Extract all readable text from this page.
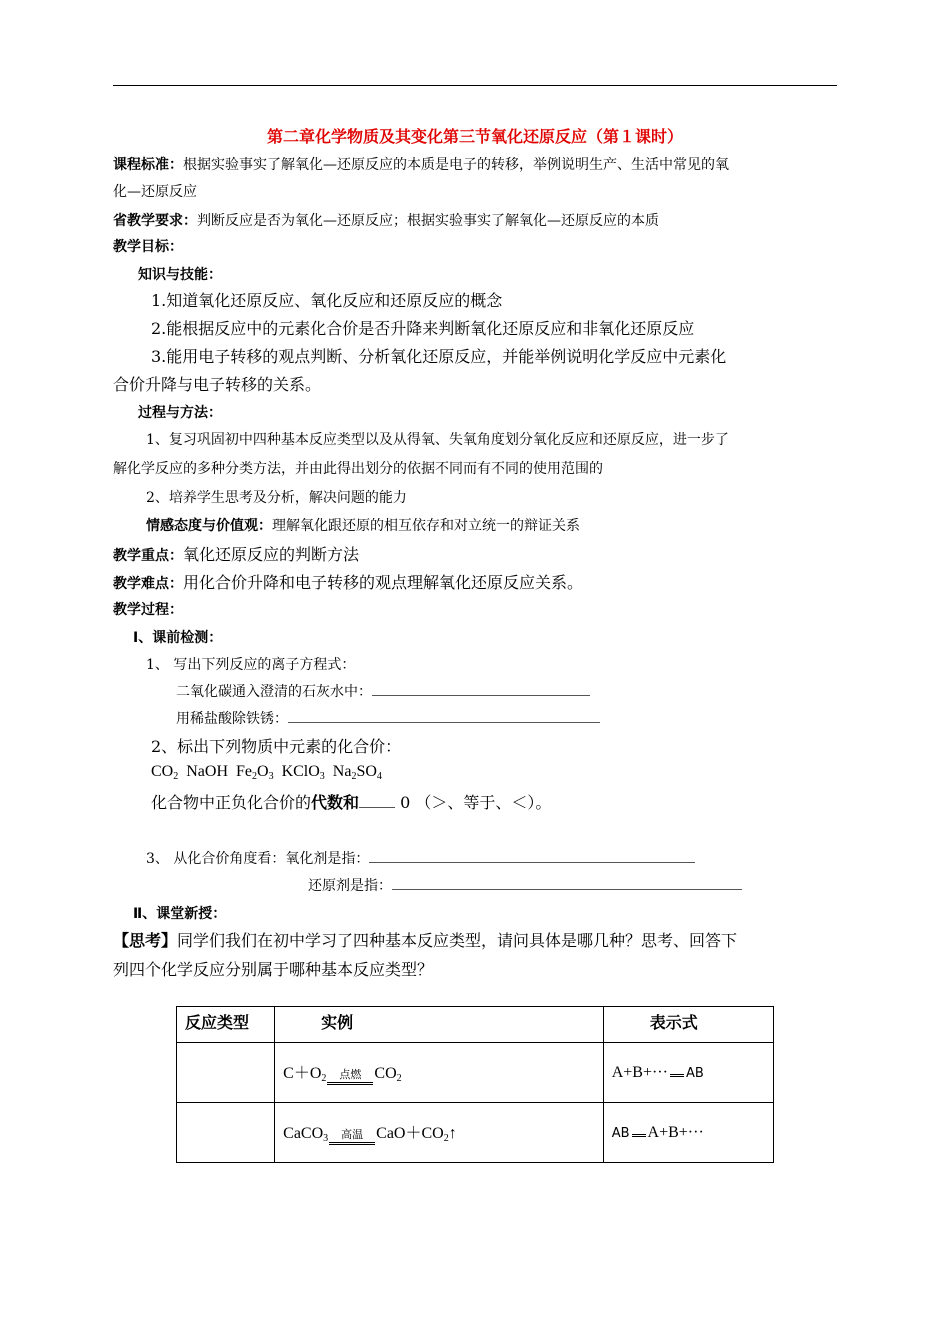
第二章化学物质及其变化第三节氧化还原反应（第１课时）
课程标准：根据实验事实了解氧化—还原反应的本质是电子的转移，举例说明生产、生活中常见的氧
化—还原反应
省教学要求：判断反应是否为氧化—还原反应；根据实验事实了解氧化—还原反应的本质
教学目标：
知识与技能：
1.知道氧化还原反应、氧化反应和还原反应的概念
2.能根据反应中的元素化合价是否升降来判断氧化还原反应和非氧化还原反应
3.能用电子转移的观点判断、分析氧化还原反应，并能举例说明化学反应中元素化
合价升降与电子转移的关系。
过程与方法：
1、复习巩固初中四种基本反应类型以及从得氧、失氧角度划分氧化反应和还原反应，进一步了
解化学反应的多种分类方法，并由此得出划分的依据不同而有不同的使用范围的
2、培养学生思考及分析，解决问题的能力
情感态度与价值观：理解氧化跟还原的相互依存和对立统一的辩证关系
教学重点：氧化还原反应的判断方法
教学难点：用化合价升降和电子转移的观点理解氧化还原反应关系。
教学过程：
Ⅰ、课前检测：
1、 写出下列反应的离子方程式：
二氧化碳通入澄清的石灰水中：
用稀盐酸除铁锈：
2、标出下列物质中元素的化合价：
$CO_2$ NaOH $Fe_2O_3$ KClO$_3$ $Na_2SO_4$
化合物中正负化合价的代数和	0 （＞、等于、＜）。
3、 从化合价角度看：氧化剂是指：
还原剂是指：
Ⅱ、课堂新授：
【思考】同学们我们在初中学习了四种基本反应类型，请问具体是哪几种？思考、回答下
列四个化学反应分别属于哪种基本反应类型？
反应类型	实例	表示式
	$C+O_2$ 点燃 $CO_2$	A+B+··· AB
	CaCO$_3$ 高温 $CaO+CO_2↑$	AB A+B+···
